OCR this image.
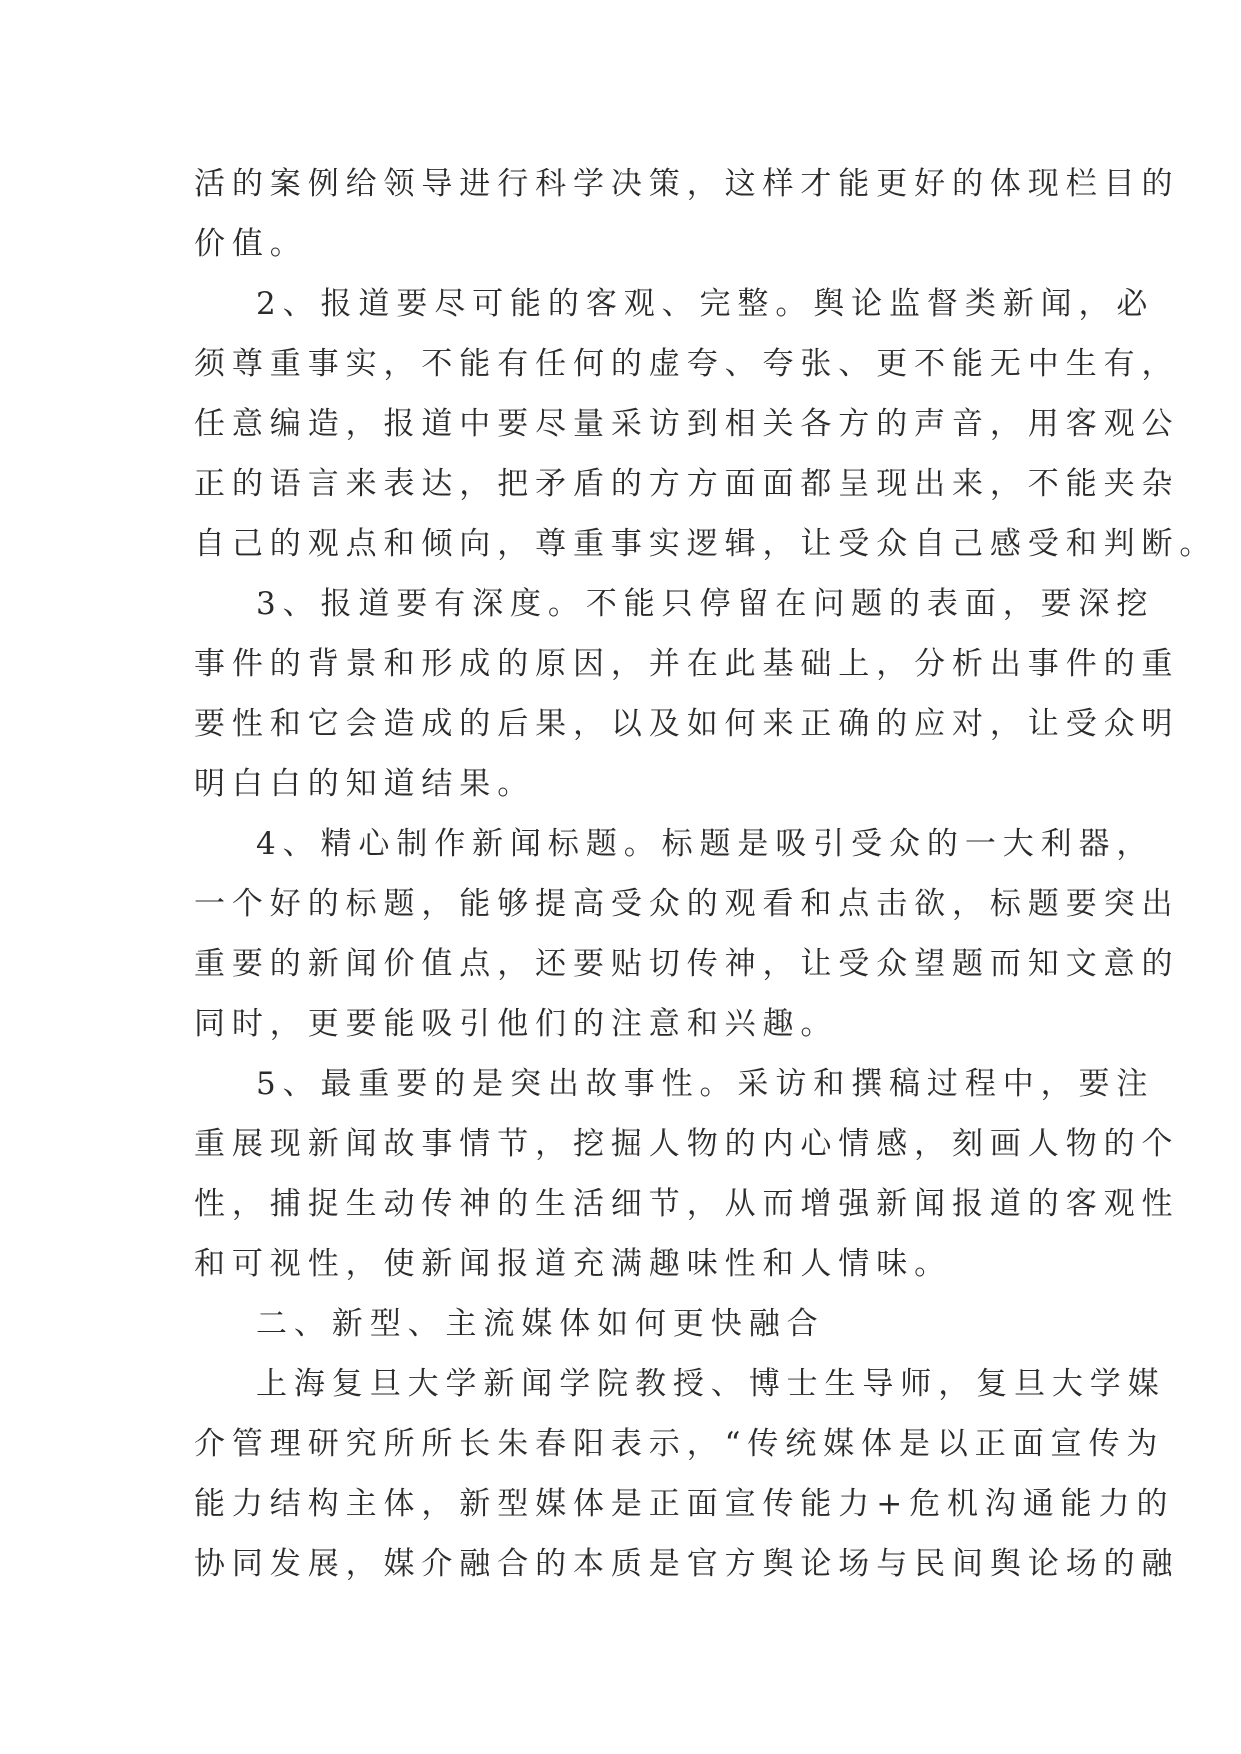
活的案例给领导进行科学决策，这样才能更好的体现栏目的
价值。
2、报道要尽可能的客观、完整。舆论监督类新闻，必
须尊重事实，不能有任何的虚夸、夸张、更不能无中生有，
任意编造，报道中要尽量采访到相关各方的声音，用客观公
正的语言来表达，把矛盾的方方面面都呈现出来，不能夹杂
自己的观点和倾向，尊重事实逻辑，让受众自己感受和判断。
3、报道要有深度。不能只停留在问题的表面，要深挖
事件的背景和形成的原因，并在此基础上，分析出事件的重
要性和它会造成的后果，以及如何来正确的应对，让受众明
明白白的知道结果。
4、精心制作新闻标题。标题是吸引受众的一大利器，
一个好的标题，能够提高受众的观看和点击欲，标题要突出
重要的新闻价值点，还要贴切传神，让受众望题而知文意的
同时，更要能吸引他们的注意和兴趣。
5、最重要的是突出故事性。采访和撰稿过程中，要注
重展现新闻故事情节，挖掘人物的内心情感，刻画人物的个
性，捕捉生动传神的生活细节，从而增强新闻报道的客观性
和可视性，使新闻报道充满趣味性和人情味。
二、新型、主流媒体如何更快融合
上海复旦大学新闻学院教授、博士生导师，复旦大学媒
介管理研究所所长朱春阳表示，“传统媒体是以正面宣传为
能力结构主体，新型媒体是正面宣传能力+危机沟通能力的
协同发展，媒介融合的本质是官方舆论场与民间舆论场的融
